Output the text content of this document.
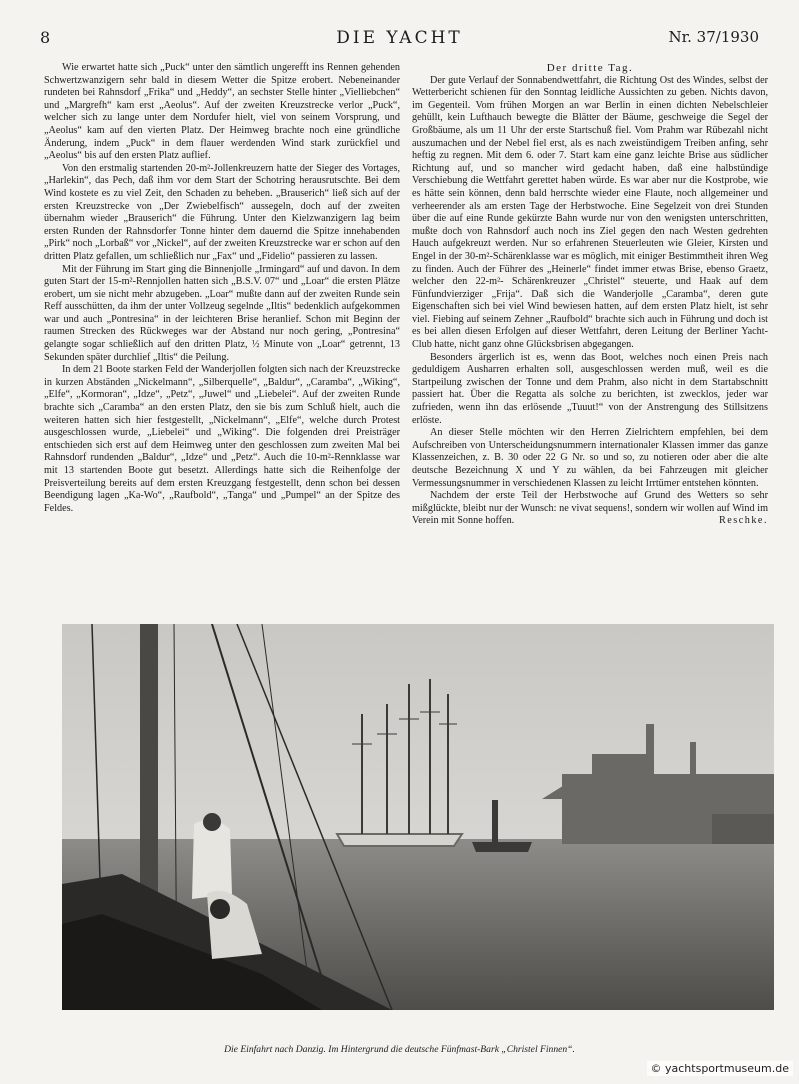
8	DIE YACHT	Nr. 37/1930

Wie erwartet hatte sich „Puck“ unter den sämtlich ungerefft ins Rennen gehenden Schwertzwanzigern sehr bald in diesem Wetter die Spitze erobert. Nebeneinander rundeten bei Rahnsdorf „Frika“ und „Heddy“, an sechster Stelle hinter „Vielliebchen“ und „Margrefh“ kam erst „Aeolus“. Auf der zweiten Kreuzstrecke verlor „Puck“, welcher sich zu lange unter dem Nordufer hielt, viel von seinem Vorsprung, und „Aeolus“ kam auf den vierten Platz. Der Heimweg brachte noch eine gründliche Änderung, indem „Puck“ in dem flauer werdenden Wind stark zurückfiel und „Aeolus“ bis auf den ersten Platz auflief.

Von den erstmalig startenden 20-m²-Jollenkreuzern hatte der Sieger des Vortages, „Harlekin“, das Pech, daß ihm vor dem Start der Schotring herausrutschte. Bei dem Wind kostete es zu viel Zeit, den Schaden zu beheben. „Brauserich“ ließ sich auf der ersten Kreuzstrecke von „Der Zwiebelfisch“ aussegeln, doch auf der zweiten übernahm wieder „Brauserich“ die Führung. Unter den Kielzwanzigern lag beim ersten Runden der Rahnsdorfer Tonne hinter dem dauernd die Spitze innehabenden „Pirk“ noch „Lorbaß“ vor „Nickel“, auf der zweiten Kreuzstrecke war er schon auf den dritten Platz gefallen, um schließlich nur „Fax“ und „Fidelio“ passieren zu lassen.

Mit der Führung im Start ging die Binnenjolle „Irmingard“ auf und davon. In dem guten Start der 15-m²-Rennjollen hatten sich „B.S.V. 07“ und „Loar“ die ersten Plätze erobert, um sie nicht mehr abzugeben. „Loar“ mußte dann auf der zweiten Runde sein Reff ausschütten, da ihm der unter Vollzeug segelnde „Iltis“ bedenklich aufgekommen war und auch „Pontresina“ in der leichteren Brise heranlief. Schon mit Beginn der raumen Strecken des Rückweges war der Abstand nur noch gering, „Pontresina“ gelangte sogar schließlich auf den dritten Platz, ½ Minute von „Loar“ getrennt, 13 Sekunden später durchlief „Iltis“ die Peilung.

In dem 21 Boote starken Feld der Wanderjollen folgten sich nach der Kreuzstrecke in kurzen Abständen „Nickelmann“, „Silberquelle“, „Baldur“, „Caramba“, „Wiking“, „Elfe“, „Kormoran“, „Idze“, „Petz“, „Juwel“ und „Liebelei“. Auf der zweiten Runde brachte sich „Caramba“ an den ersten Platz, den sie bis zum Schluß hielt, auch die weiteren hatten sich hier festgestellt, „Nickelmann“, „Elfe“, welche durch Protest ausgeschlossen wurde, „Liebelei“ und „Wiking“. Die folgenden drei Preisträger entschieden sich erst auf dem Heimweg unter den geschlossen zum zweiten Mal bei Rahnsdorf rundenden „Baldur“, „Idze“ und „Petz“. Auch die 10-m²-Rennklasse war mit 13 startenden Boote gut besetzt. Allerdings hatte sich die Reihenfolge der Preisverteilung bereits auf dem ersten Kreuzgang festgestellt, denn schon bei dessen Beendigung lagen „Ka-Wo“, „Raufbold“, „Tanga“ und „Pumpel“ an der Spitze des Feldes.

Der dritte Tag.

Der gute Verlauf der Sonnabendwettfahrt, die Richtung Ost des Windes, selbst der Wetterbericht schienen für den Sonntag leidliche Aussichten zu geben. Nichts davon, im Gegenteil. Vom frühen Morgen an war Berlin in einen dichten Nebelschleier gehüllt, kein Lufthauch bewegte die Blätter der Bäume, geschweige die Segel der Großbäume, als um 11 Uhr der erste Startschuß fiel. Vom Prahm war Rübezahl nicht auszumachen und der Nebel fiel erst, als es nach zweistündigem Treiben anfing, sehr heftig zu regnen. Mit dem 6. oder 7. Start kam eine ganz leichte Brise aus südlicher Richtung auf, und so mancher wird gedacht haben, daß eine halbstündige Verschiebung die Wettfahrt gerettet haben würde. Es war aber nur die Kostprobe, wie es hätte sein können, denn bald herrschte wieder eine Flaute, noch allgemeiner und verheerender als am ersten Tage der Herbstwoche. Eine Segelzeit von drei Stunden über die auf eine Runde gekürzte Bahn wurde nur von den wenigsten unterschritten, mußte doch von Rahnsdorf auch noch ins Ziel gegen den nach Westen gedrehten Hauch aufgekreuzt werden. Nur so erfahrenen Steuerleuten wie Gleier, Kirsten und Engel in der 30-m²-Schärenklasse war es möglich, mit einiger Bestimmtheit ihren Weg zu finden. Auch der Führer des „Heinerle“ findet immer etwas Brise, ebenso Graetz, welcher den 22-m²- Schärenkreuzer „Christel“ steuerte, und Haak auf dem Fünfundvierziger „Frija“. Daß sich die Wanderjolle „Caramba“, deren gute Eigenschaften sich bei viel Wind bewiesen hatten, auf dem ersten Platz hielt, ist sehr viel. Fiebing auf seinem Zehner „Raufbold“ brachte sich auch in Führung und doch ist es bei allen diesen Erfolgen auf dieser Wettfahrt, deren Leitung der Berliner Yacht-Club hatte, nicht ganz ohne Glücksbrisen abgegangen.

Besonders ärgerlich ist es, wenn das Boot, welches noch einen Preis nach geduldigem Ausharren erhalten soll, ausgeschlossen werden muß, weil es die Startpeilung zwischen der Tonne und dem Prahm, also nicht in dem Startabschnitt passiert hat. Über die Regatta als solche zu berichten, ist zwecklos, jeder war zufrieden, wenn ihn das erlösende „Tuuut!“ von der Anstrengung des Stillsitzens erlöste.

An dieser Stelle möchten wir den Herren Zielrichtern empfehlen, bei dem Aufschreiben von Unterscheidungsnummern internationaler Klassen immer das ganze Klassenzeichen, z. B. 30 oder 22 G Nr. so und so, zu notieren oder aber die alte deutsche Bezeichnung X und Y zu wählen, da bei Fahrzeugen mit gleicher Vermessungsnummer in verschiedenen Klassen zu leicht Irrtümer entstehen könnten.

Nachdem der erste Teil der Herbstwoche auf Grund des Wetters so sehr mißglückte, bleibt nur der Wunsch: ne vivat sequens!, sondern wir wollen auf Wind im Verein mit Sonne hoffen.	Reschke.

Die Einfahrt nach Danzig. Im Hintergrund die deutsche Fünfmast-Bark „Christel Finnen“.
© yachtsportmuseum.de
